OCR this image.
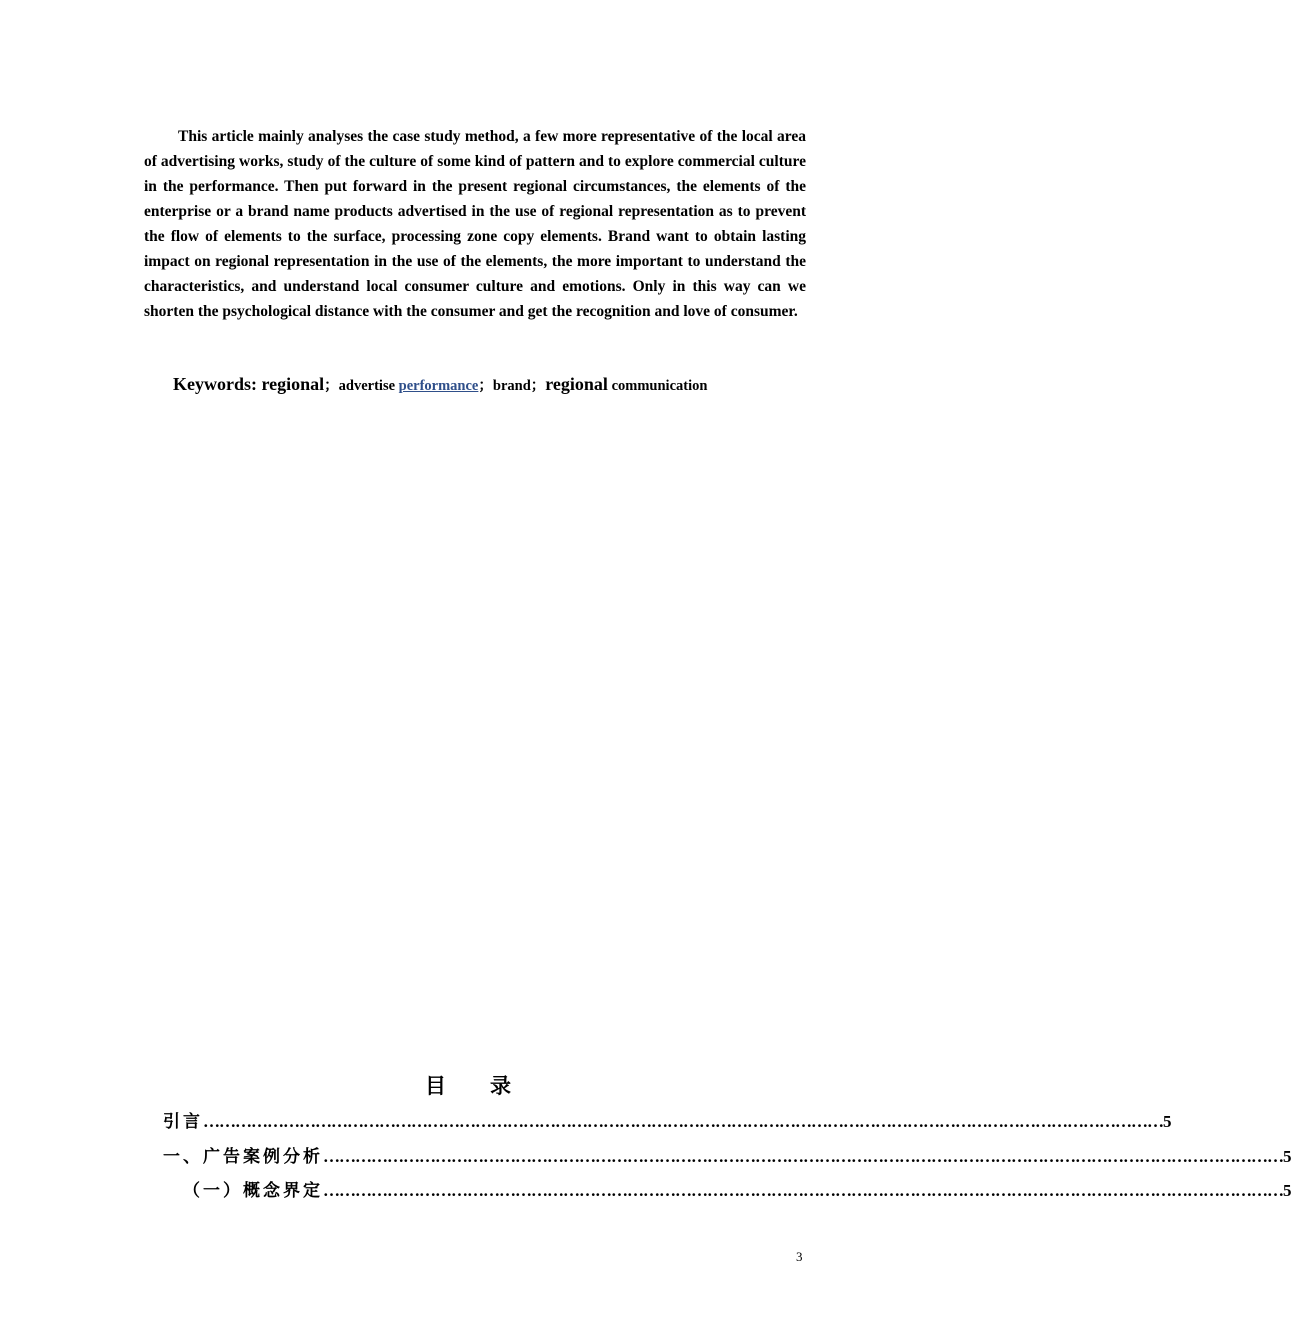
This article mainly analyses the case study method, a few more representative of the local area of advertising works, study of the culture of some kind of pattern and to explore commercial culture in the performance. Then put forward in the present regional circumstances, the elements of the enterprise or a brand name products advertised in the use of regional representation as to prevent the flow of elements to the surface, processing zone copy elements. Brand want to obtain lasting impact on regional representation in the use of the elements, the more important to understand the characteristics, and understand local consumer culture and emotions. Only in this way can we shorten the psychological distance with the consumer and get the recognition and love of consumer.

Keywords: regional；advertise performance；brand；regional communication
目录
引言 ……………………………………………………………………………………………………………………………………………………………… 5
一、广告案例分析 ……………………………………………………………………………………………………………………………………………………………… 5
（一）概念界定 ……………………………………………………………………………………………………………………………………………………………… 5
3
